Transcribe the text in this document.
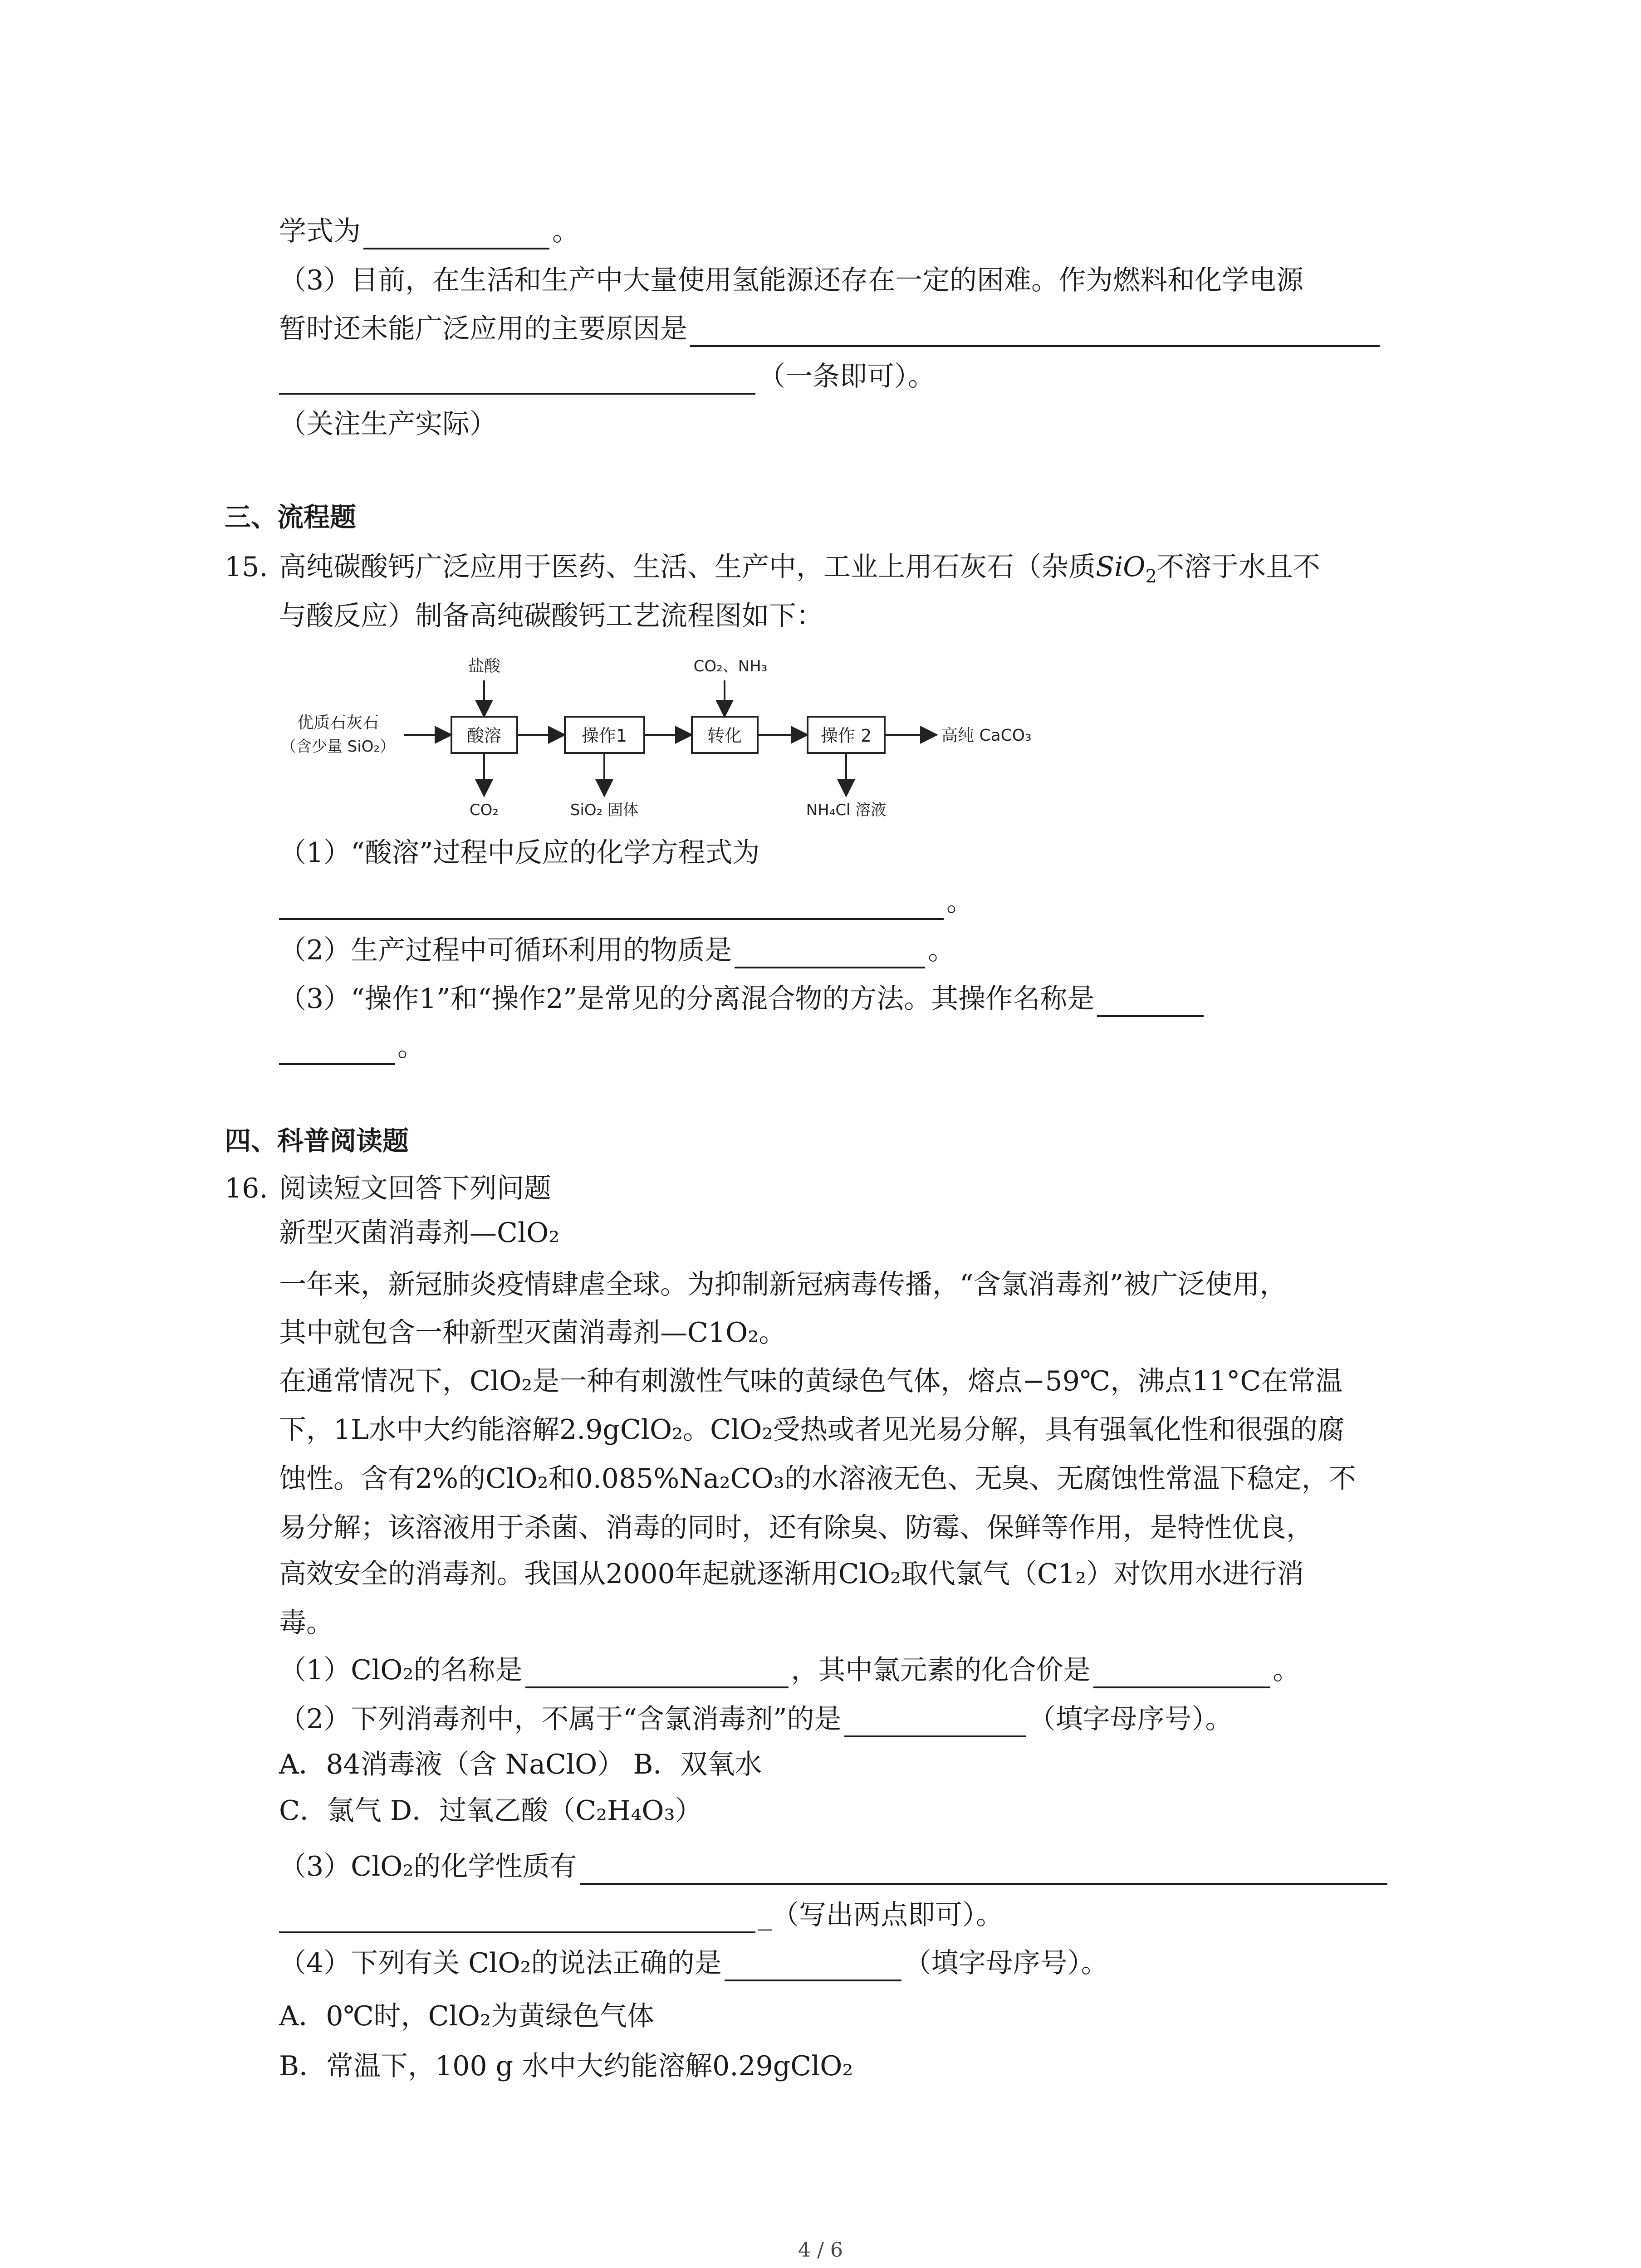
学式为	。
（3）目前，在生活和生产中大量使用氢能源还存在一定的困难。作为燃料和化学电源
暂时还未能广泛应用的主要原因是
（一条即可）。
（关注生产实际）
三、流程题
15. 高纯碳酸钙广泛应用于医药、生活、生产中，工业上用石灰石（杂质SiO$_2$不溶于水且不
与酸反应）制备高纯碳酸钙工艺流程图如下：
优质石灰石
（含少量 SiO₂）
酸溶
盐酸
CO₂
操作1
SiO₂ 固体
转化
CO₂、NH₃
操作 2
NH₄Cl 溶液
高纯 CaCO₃
（1）“酸溶”过程中反应的化学方程式为
。
（2）生产过程中可循环利用的物质是	。
（3）“操作1”和“操作2”是常见的分离混合物的方法。其操作名称是
。
四、科普阅读题
16. 阅读短文回答下列问题
新型灭菌消毒剂—ClO₂
一年来，新冠肺炎疫情肆虐全球。为抑制新冠病毒传播，“含氯消毒剂”被广泛使用，
其中就包含一种新型灭菌消毒剂—C1O₂。
在通常情况下，ClO₂是一种有刺激性气味的黄绿色气体，熔点−59℃，沸点11°C在常温
下，1L水中大约能溶解2.9gClO₂。ClO₂受热或者见光易分解，具有强氧化性和很强的腐
蚀性。含有2%的ClO₂和0.085%Na₂CO₃的水溶液无色、无臭、无腐蚀性常温下稳定，不
易分解；该溶液用于杀菌、消毒的同时，还有除臭、防霉、保鲜等作用，是特性优良，
高效安全的消毒剂。我国从2000年起就逐渐用ClO₂取代氯气（C1₂）对饮用水进行消
毒。
（1）ClO₂的名称是	，其中氯元素的化合价是	。
（2）下列消毒剂中，不属于“含氯消毒剂”的是	（填字母序号）。
A．84消毒液（含 NaClO） B．双氧水
C．氯气 D．过氧乙酸（C₂H₄O₃）
（3）ClO₂的化学性质有
_（写出两点即可）。
（4）下列有关 ClO₂的说法正确的是	（填字母序号）。
A．0℃时，ClO₂为黄绿色气体
B．常温下，100 g 水中大约能溶解0.29gClO₂
4 / 6
